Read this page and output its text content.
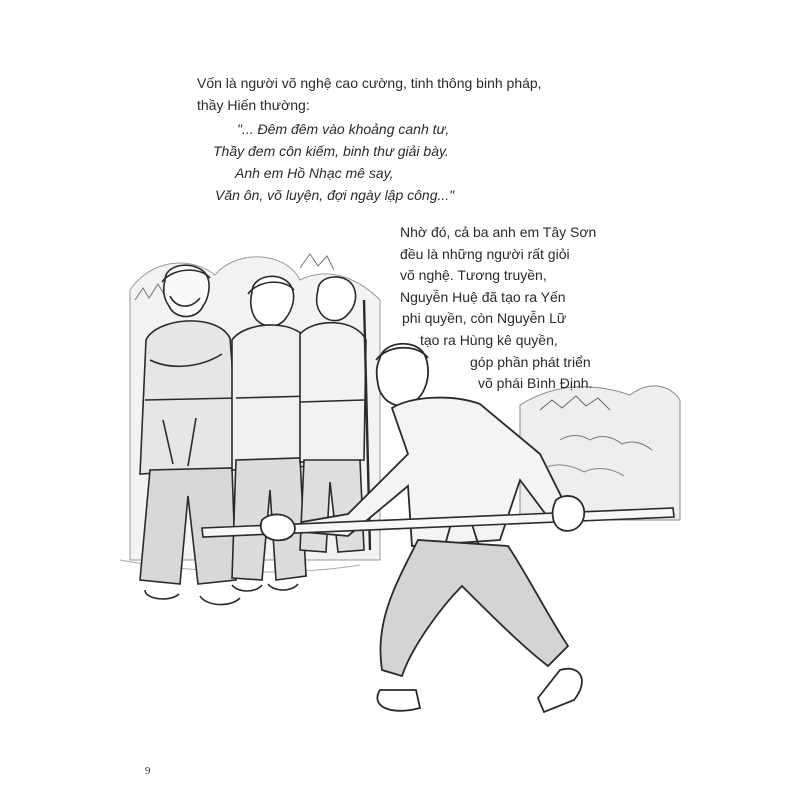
Vốn là người võ nghệ cao cường, tinh thông binh pháp,

thầy Hiến thường:

"... Đêm đêm vào khoảng canh tư,
Thầy đem côn kiếm, binh thư giải bày.
Anh em Hồ Nhạc mê say,
Văn ôn, võ luyện, đợi ngày lập công..."
Nhờ đó, cả ba anh em Tây Sơn
đều là những người rất giỏi
võ nghệ. Tương truyền,
Nguyễn Huệ đã tạo ra Yến
phi quyền, còn Nguyễn Lữ
tạo ra Hùng kê quyền,
góp phần phát triển
võ phái Bình Định.
9
